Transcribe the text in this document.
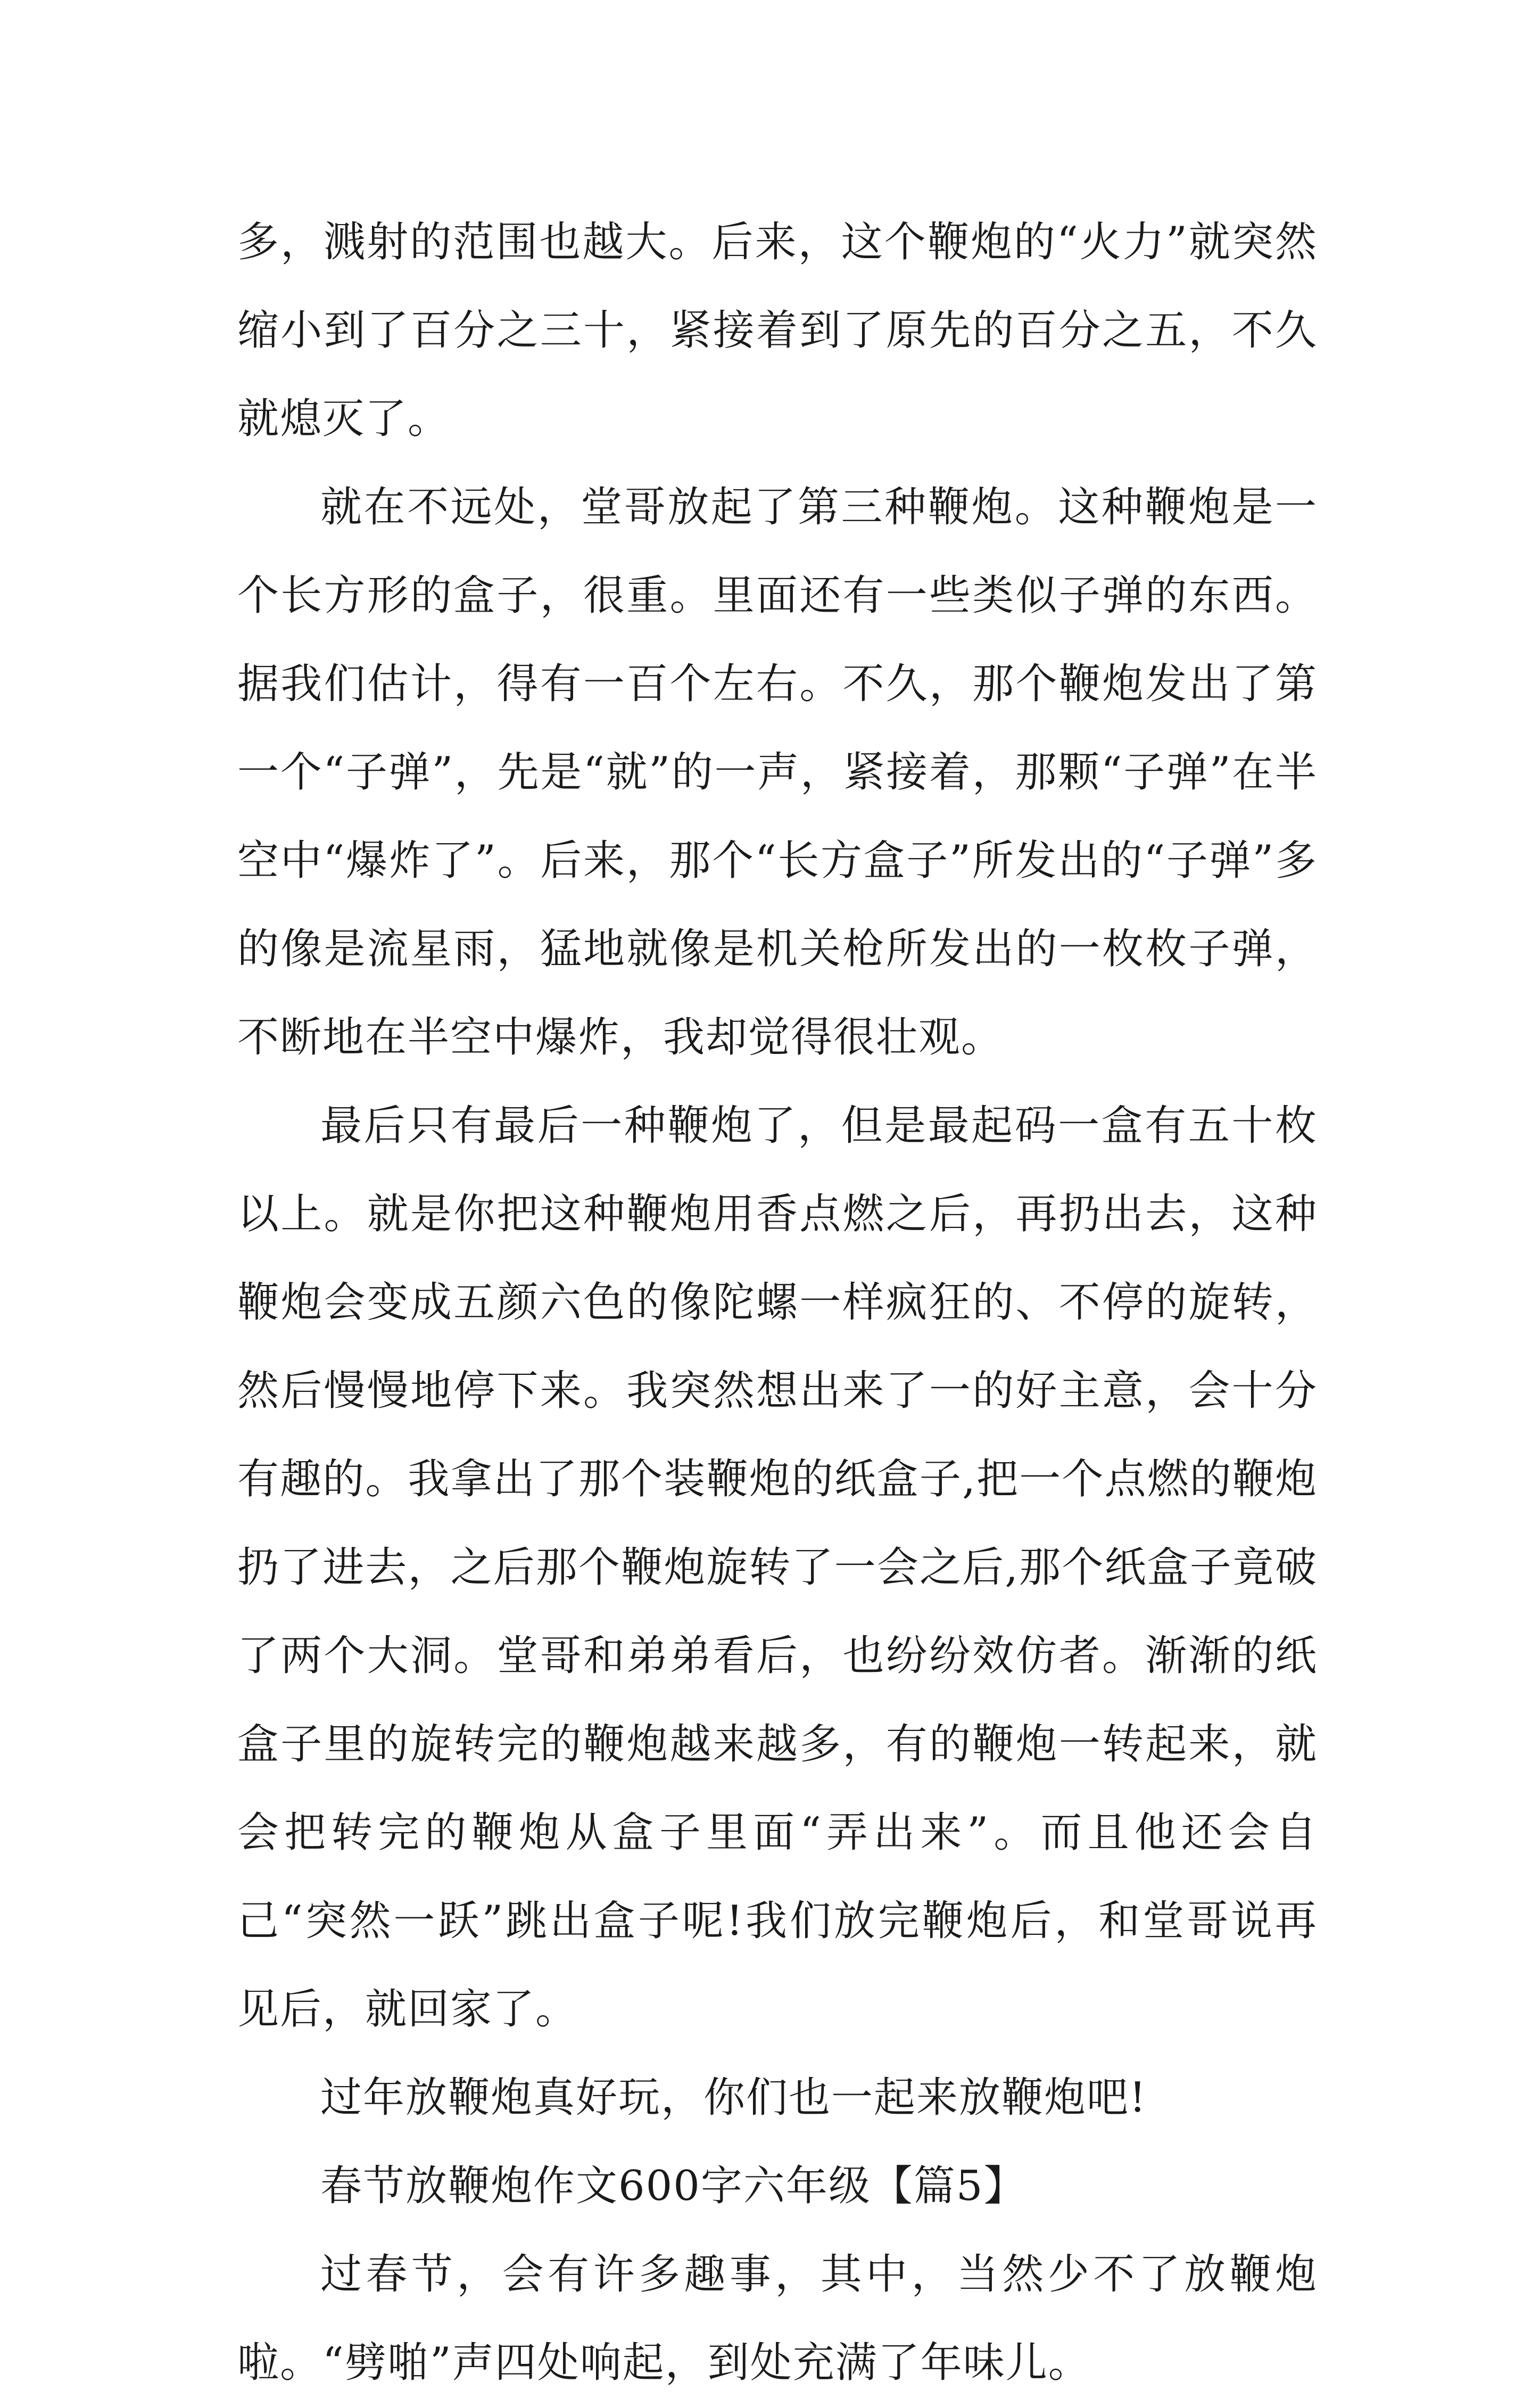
多，溅射的范围也越大。后来，这个鞭炮的“火力”就突然缩小到了百分之三十，紧接着到了原先的百分之五，不久就熄灭了。

就在不远处，堂哥放起了第三种鞭炮。这种鞭炮是一个长方形的盒子，很重。里面还有一些类似子弹的东西。据我们估计，得有一百个左右。不久，那个鞭炮发出了第一个“子弹”，先是“就”的一声，紧接着，那颗“子弹”在半空中“爆炸了”。后来，那个“长方盒子”所发出的“子弹”多的像是流星雨，猛地就像是机关枪所发出的一枚枚子弹，不断地在半空中爆炸，我却觉得很壮观。

最后只有最后一种鞭炮了，但是最起码一盒有五十枚以上。就是你把这种鞭炮用香点燃之后，再扔出去，这种鞭炮会变成五颜六色的像陀螺一样疯狂的、不停的旋转，然后慢慢地停下来。我突然想出来了一的好主意，会十分有趣的。我拿出了那个装鞭炮的纸盒子,把一个点燃的鞭炮扔了进去，之后那个鞭炮旋转了一会之后,那个纸盒子竟破了两个大洞。堂哥和弟弟看后，也纷纷效仿者。渐渐的纸盒子里的旋转完的鞭炮越来越多，有的鞭炮一转起来，就会把转完的鞭炮从盒子里面“弄出来”。而且他还会自己“突然一跃”跳出盒子呢!我们放完鞭炮后，和堂哥说再见后，就回家了。

过年放鞭炮真好玩，你们也一起来放鞭炮吧!

春节放鞭炮作文600字六年级【篇5】

过春节，会有许多趣事，其中，当然少不了放鞭炮啦。“劈啪”声四处响起，到处充满了年味儿。
